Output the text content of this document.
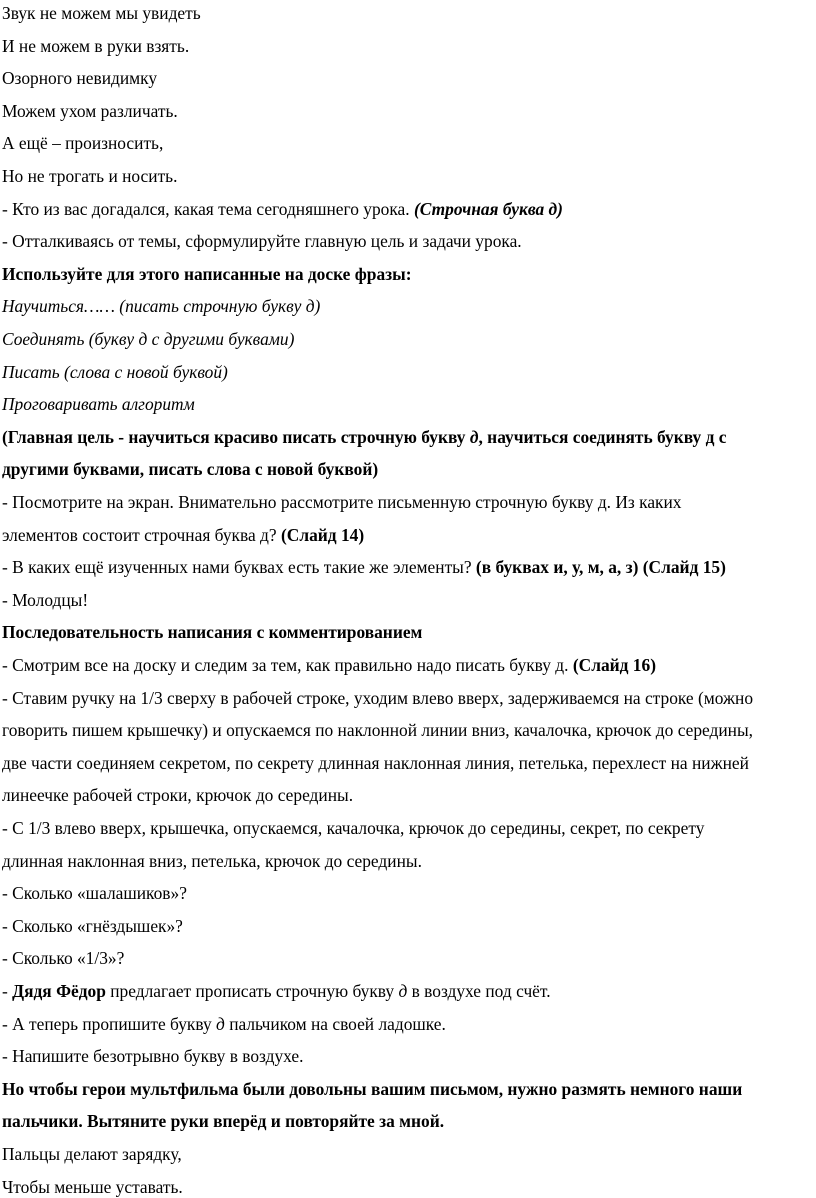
Звук не можем мы увидеть
И не можем в руки взять.
Озорного невидимку
Можем ухом различать.
А ещё – произносить,
Но не трогать и носить.
- Кто из вас догадался, какая тема сегодняшнего урока. (Строчная буква д)
- Отталкиваясь от темы, сформулируйте главную цель и задачи урока.
Используйте для этого написанные на доске фразы:
Научиться…… (писать строчную букву д)
Соединять (букву д с другими буквами)
Писать (слова с новой буквой)
Проговаривать алгоритм
(Главная цель - научиться красиво писать строчную букву д, научиться соединять букву д с
другими буквами, писать слова с новой буквой)
- Посмотрите на экран. Внимательно рассмотрите письменную строчную букву д. Из каких
элементов состоит строчная буква д? (Слайд 14)
- В каких ещё изученных нами буквах есть такие же элементы? (в буквах и, у, м, а, з) (Слайд 15)
- Молодцы!
Последовательность написания с комментированием
- Смотрим все на доску и следим за тем, как правильно надо писать букву д. (Слайд 16)
- Ставим ручку на 1/3 сверху в рабочей строке, уходим влево вверх, задерживаемся на строке (можно
говорить пишем крышечку) и опускаемся по наклонной линии вниз, качалочка, крючок до середины,
две части соединяем секретом, по секрету длинная наклонная линия, петелька, перехлест на нижней
линеечке рабочей строки, крючок до середины.
- С 1/3 влево вверх, крышечка, опускаемся, качалочка, крючок до середины, секрет, по секрету
длинная наклонная вниз, петелька, крючок до середины.
- Сколько «шалашиков»?
- Сколько «гнёздышек»?
- Сколько «1/3»?
- Дядя Фёдор предлагает прописать строчную букву д в воздухе под счёт.
- А теперь пропишите букву д пальчиком на своей ладошке.
- Напишите безотрывно букву в воздухе.
Но чтобы герои мультфильма были довольны вашим письмом, нужно размять немного наши
пальчики. Вытяните руки вперёд и повторяйте за мной.
Пальцы делают зарядку,
Чтобы меньше уставать.
